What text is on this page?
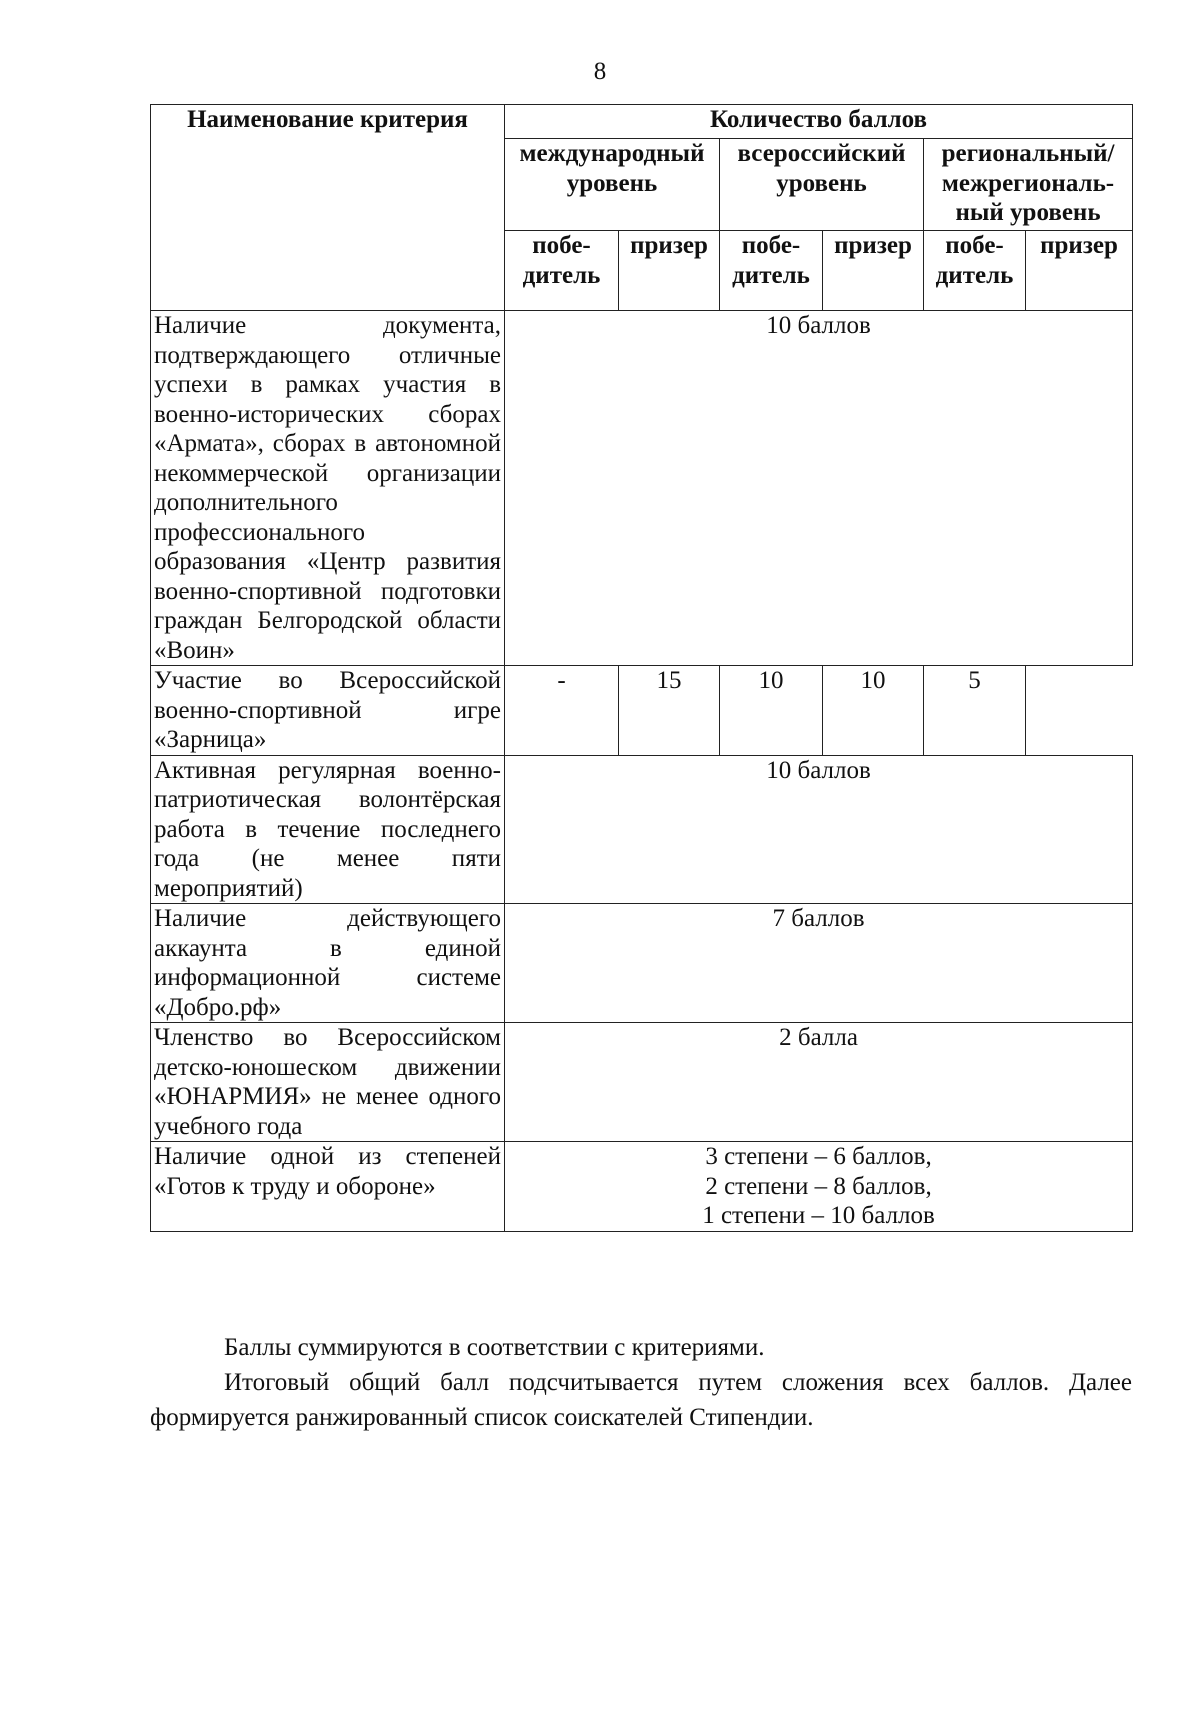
8
Наименование критерия	Количество баллов					
	международный уровень		всероссийский уровень		региональный/ межрегиональ-ный уровень	
	побе-дитель	призер	побе-дитель	призер	побе-дитель	призер
Наличие документа, подтверждающего отличные успехи в рамках участия в военно-исторических сборах «Армата», сборах в автономной некоммерческой организации дополнительного профессионального образования «Центр развития военно-спортивной подготовки граждан Белгородской области «Воин»	10 баллов					
Участие во Всероссийской военно-спортивной игре «Зарница»	-	15	10	10	5	
Активная регулярная военно-патриотическая волонтёрская работа в течение последнего года (не менее пяти мероприятий)	10 баллов					
Наличие действующего аккаунта в единой информационной системе «Добро.рф»	7 баллов					
Членство во Всероссийском детско-юношеском движении «ЮНАРМИЯ» не менее одного учебного года	2 балла					
Наличие одной из степеней «Готов к труду и обороне»	3 степени – 6 баллов,
2 степени – 8 баллов,
1 степени – 10 баллов					

Баллы суммируются в соответствии с критериями.

Итоговый общий балл подсчитывается путем сложения всех баллов. Далее формируется ранжированный список соискателей Стипендии.
